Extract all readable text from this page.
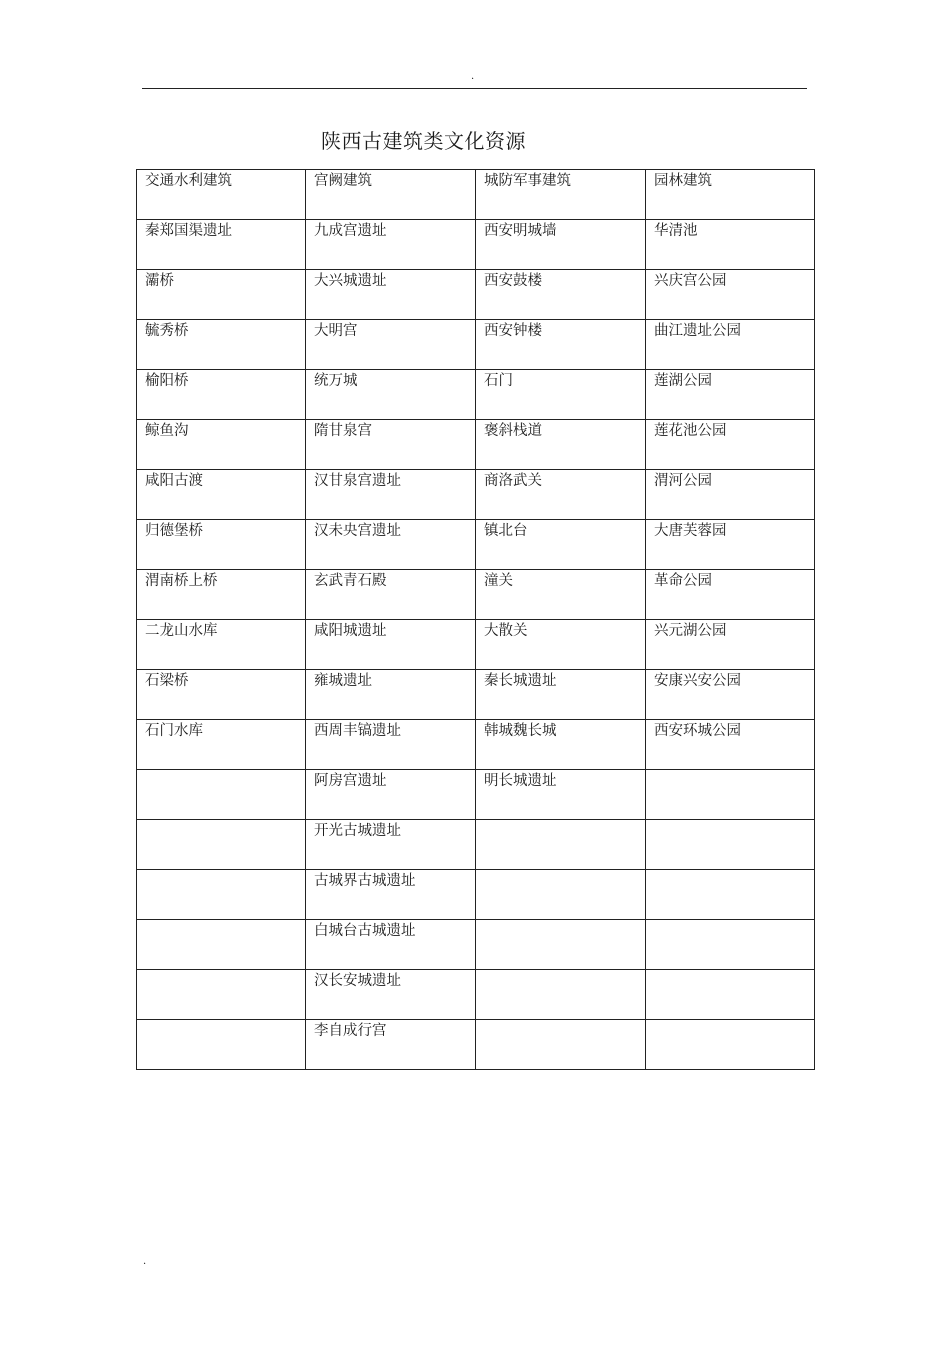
.
陕西古建筑类文化资源
交通水利建筑	宫阙建筑	城防军事建筑	园林建筑
秦郑国渠遗址	九成宫遗址	西安明城墙	华清池
灞桥	大兴城遗址	西安鼓楼	兴庆宫公园
毓秀桥	大明宫	西安钟楼	曲江遗址公园
榆阳桥	统万城	石门	莲湖公园
鲸鱼沟	隋甘泉宫	褒斜栈道	莲花池公园
咸阳古渡	汉甘泉宫遗址	商洛武关	渭河公园
归德堡桥	汉未央宫遗址	镇北台	大唐芙蓉园
渭南桥上桥	玄武青石殿	潼关	革命公园
二龙山水库	咸阳城遗址	大散关	兴元湖公园
石梁桥	雍城遗址	秦长城遗址	安康兴安公园
石门水库	西周丰镐遗址	韩城魏长城	西安环城公园
	阿房宫遗址	明长城遗址	
	开光古城遗址		
	古城界古城遗址		
	白城台古城遗址		
	汉长安城遗址		
	李自成行宫		
.
